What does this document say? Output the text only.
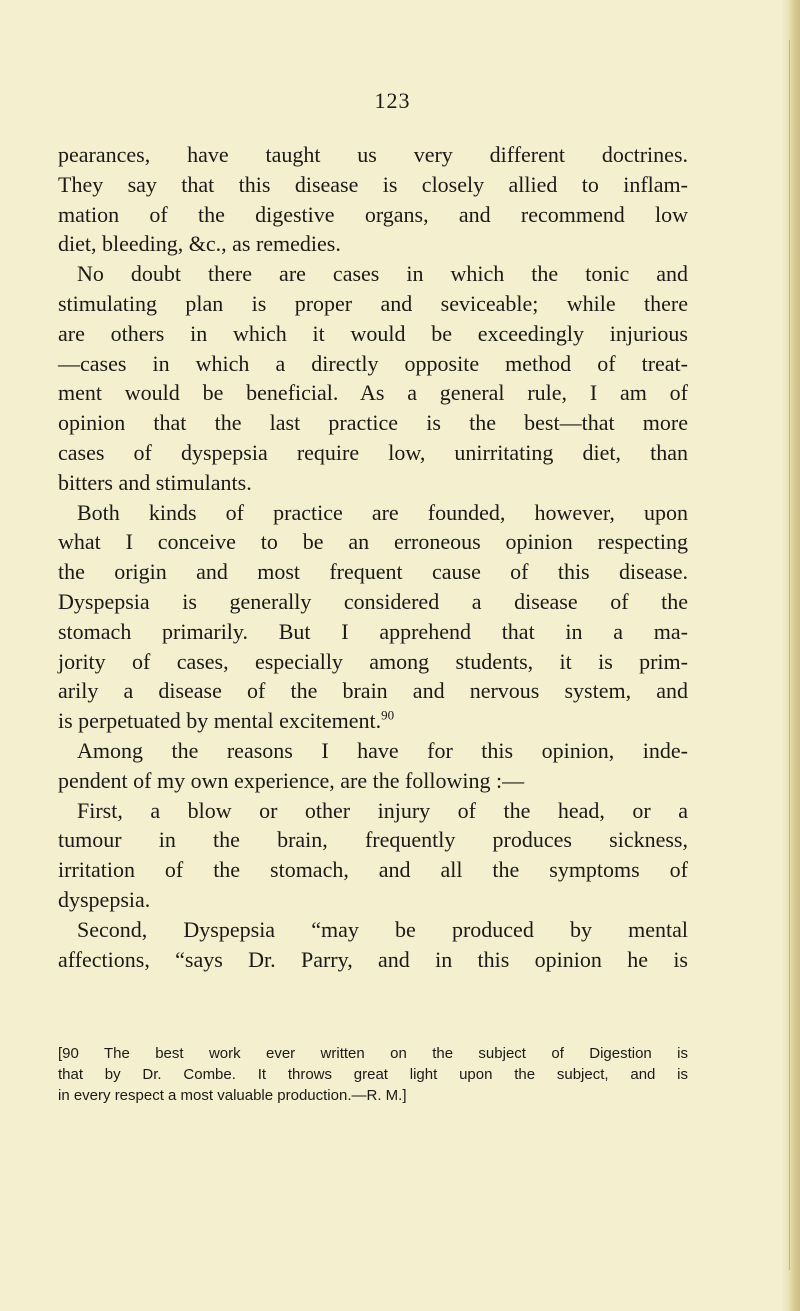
123
pearances, have taught us very different doctrines.
They say that this disease is closely allied to inflam-
mation of the digestive organs, and recommend low
diet, bleeding, &c., as remedies.
No doubt there are cases in which the tonic and
stimulating plan is proper and seviceable; while there
are others in which it would be exceedingly injurious
—cases in which a directly opposite method of treat-
ment would be beneficial. As a general rule, I am of
opinion that the last practice is the best—that more
cases of dyspepsia require low, unirritating diet, than
bitters and stimulants.
Both kinds of practice are founded, however, upon
what I conceive to be an erroneous opinion respecting
the origin and most frequent cause of this disease.
Dyspepsia is generally considered a disease of the
stomach primarily. But I apprehend that in a ma-
jority of cases, especially among students, it is prim-
arily a disease of the brain and nervous system, and
is perpetuated by mental excitement.$^{90}$
Among the reasons I have for this opinion, inde-
pendent of my own experience, are the following :—
First, a blow or other injury of the head, or a
tumour in the brain, frequently produces sickness,
irritation of the stomach, and all the symptoms of
dyspepsia.
Second, Dyspepsia “may be produced by mental
affections, “says Dr. Parry, and in this opinion he is
[90 The best work ever written on the subject of Digestion is
that by Dr. Combe. It throws great light upon the subject, and is
in every respect a most valuable production.—R. M.]
